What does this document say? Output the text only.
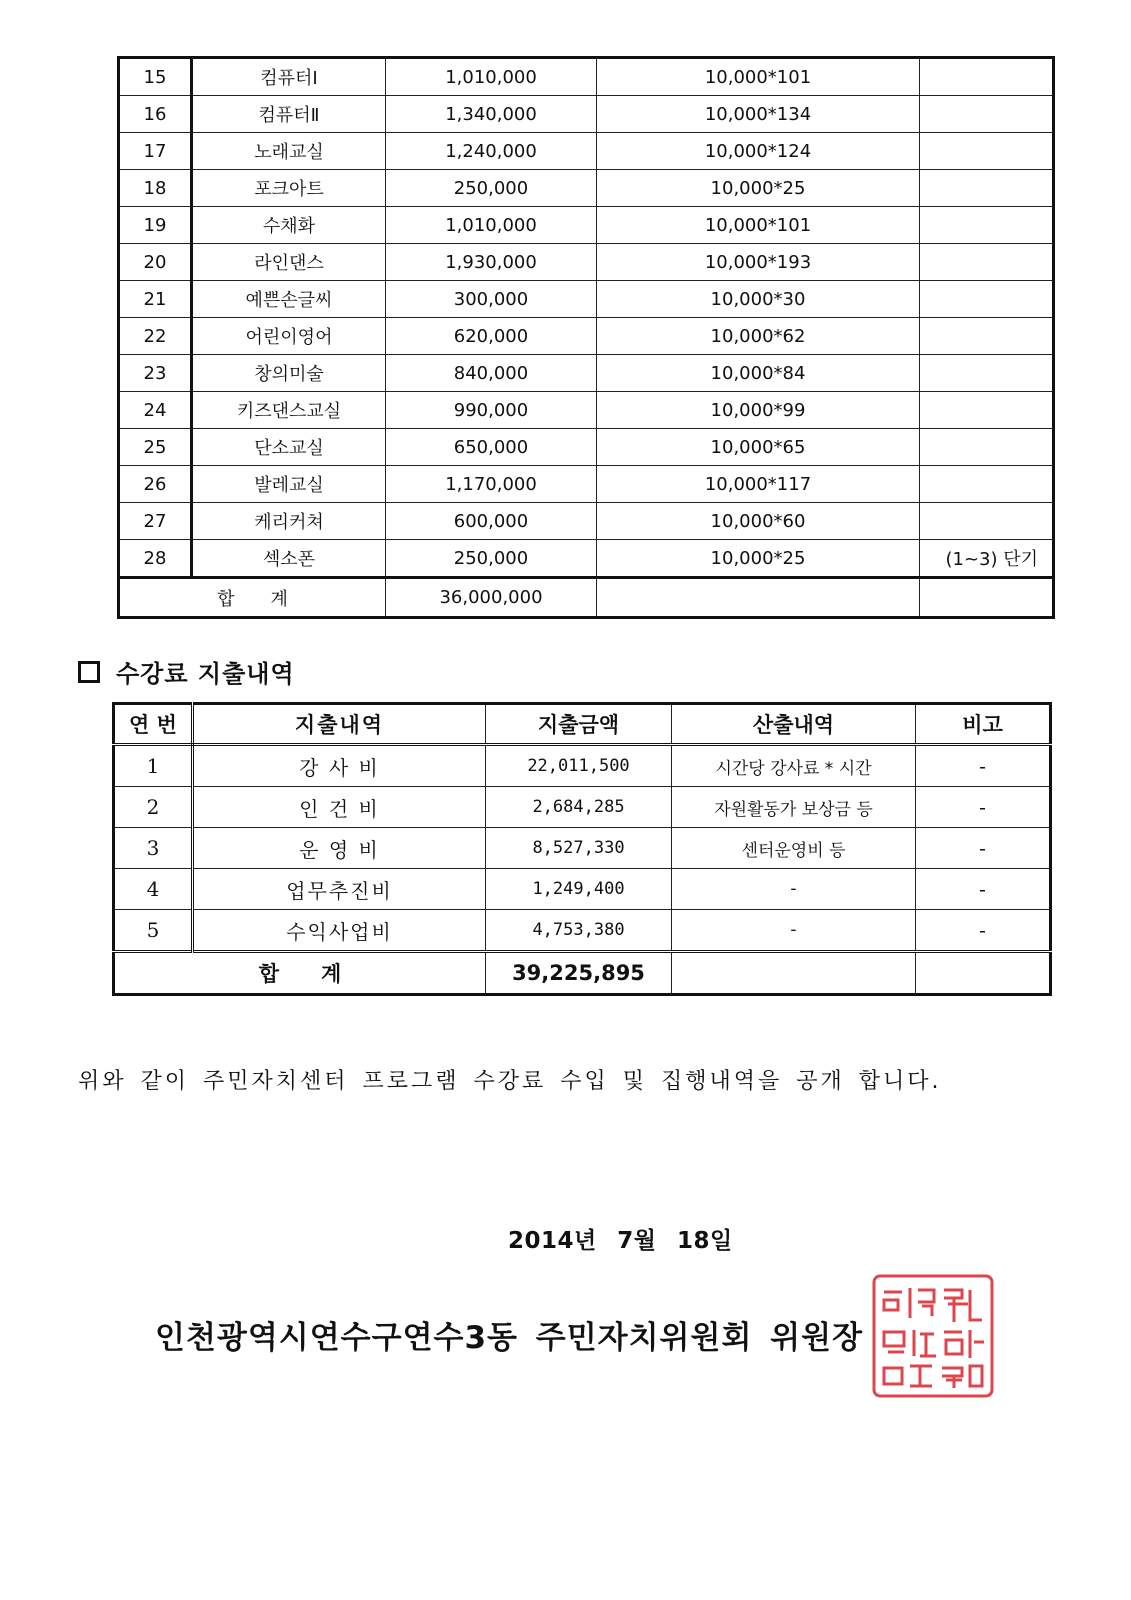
15	컴퓨터Ⅰ	1,010,000	10,000*101	
16	컴퓨터Ⅱ	1,340,000	10,000*134	
17	노래교실	1,240,000	10,000*124	
18	포크아트	250,000	10,000*25	
19	수채화	1,010,000	10,000*101	
20	라인댄스	1,930,000	10,000*193	
21	예쁜손글씨	300,000	10,000*30	
22	어린이영어	620,000	10,000*62	
23	창의미술	840,000	10,000*84	
24	키즈댄스교실	990,000	10,000*99	
25	단소교실	650,000	10,000*65	
26	발레교실	1,170,000	10,000*117	
27	케리커쳐	600,000	10,000*60	
28	섹소폰	250,000	10,000*25	(1~3) 단기
합　　계		36,000,000		
수강료 지출내역
연 번	지출내역	지출금액	산출내역	비고
1	강 사 비	22,011,500	시간당 강사료 * 시간	-
2	인 건 비	2,684,285	자원활동가 보상금 등	-
3	운 영 비	8,527,330	센터운영비 등	-
4	업무추진비	1,249,400	-	-
5	수익사업비	4,753,380	-	-
합　　계		39,225,895		
위와 같이 주민자치센터 프로그램 수강료 수입 및 집행내역을 공개 합니다.
2014년 7월 18일
인천광역시연수구연수3동 주민자치위원회 위원장
